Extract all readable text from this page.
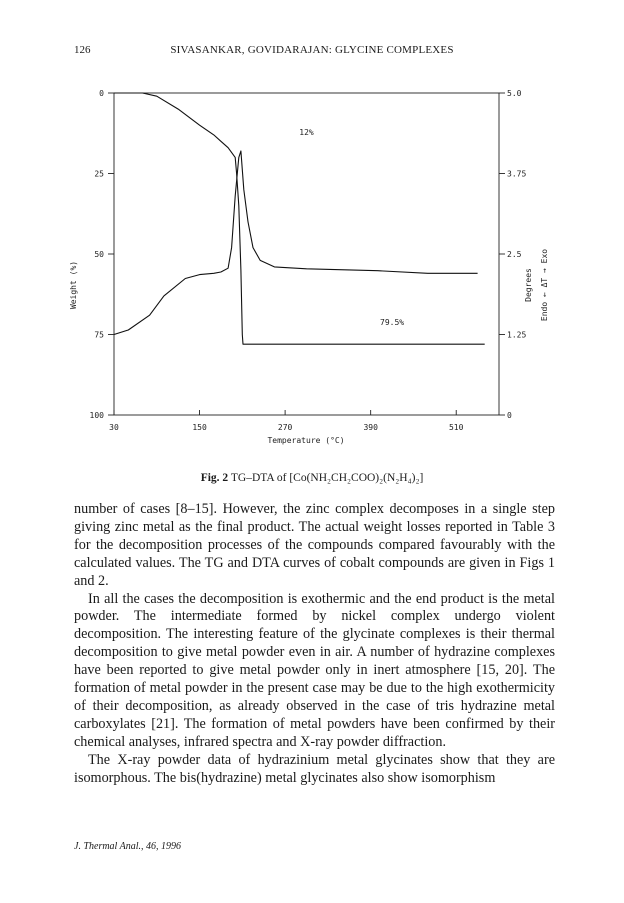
126	SIVASANKAR, GOVIDARAJAN: GLYCINE COMPLEXES
30	150	270	390	510
0
25
50
75
100
5.0
3.75
2.5
1.25
0
12%
79.5%
Temperature (°C)
Weight (%)	Degrees Endo ← ΔT → Exo
Fig. 2 TG–DTA of [Co(NH₂CH₂COO)₂(N₂H₄)₂]

number of cases [8–15]. However, the zinc complex decomposes in a single step giving zinc metal as the final product. The actual weight losses reported in Table 3 for the decomposition processes of the compounds compared favourably with the calculated values. The TG and DTA curves of cobalt compounds are given in Figs 1 and 2.

In all the cases the decomposition is exothermic and the end product is the metal powder. The intermediate formed by nickel complex undergo violent decomposition. The interesting feature of the glycinate complexes is their thermal decomposition to give metal powder even in air. A number of hydrazine complexes have been reported to give metal powder only in inert atmosphere [15, 20]. The formation of metal powder in the present case may be due to the high exothermicity of their decomposition, as already observed in the case of tris hydrazine metal carboxylates [21]. The formation of metal powders have been confirmed by their chemical analyses, infrared spectra and X-ray powder diffraction.

The X-ray powder data of hydrazinium metal glycinates show that they are isomorphous. The bis(hydrazine) metal glycinates also show isomorphism

J. Thermal Anal., 46, 1996
